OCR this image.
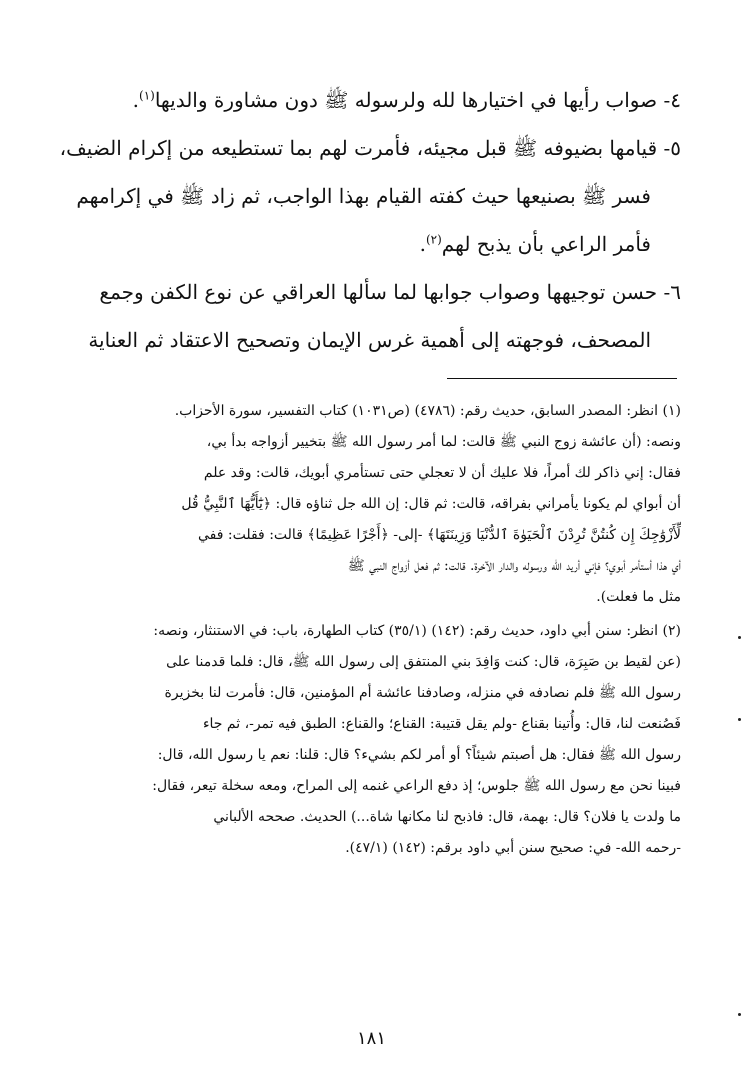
٤- صواب رأيها في اختيارها لله ولرسوله ﷺ دون مشاورة والديها$^{(١)}$.

٥- قيامها بضيوفه ﷺ قبل مجيئه، فأمرت لهم بما تستطيعه من إكرام الضيف،

فسر ﷺ بصنيعها حيث كفته القيام بهذا الواجب، ثم زاد ﷺ في إكرامهم

فأمر الراعي بأن يذبح لهم$^{(٢)}$.

٦- حسن توجيهها وصواب جوابها لما سألها العراقي عن نوع الكفن وجمع

المصحف، فوجهته إلى أهمية غرس الإيمان وتصحيح الاعتقاد ثم العناية

(١) انظر: المصدر السابق، حديث رقم: (٤٧٨٦) (ص١٠٣١) كتاب التفسير، سورة الأحزاب.

ونصه: (أن عائشة زوج النبي ﷺ قالت: لما أمر رسول الله ﷺ بتخيير أزواجه بدأ بي،

فقال: إني ذاكر لك أمراً، فلا عليك أن لا تعجلي حتى تستأمري أبويك، قالت: وقد علم

أن أبواي لم يكونا يأمراني بفراقه، قالت: ثم قال: إن الله جل ثناؤه قال: ﴿يَٰٓأَيُّهَا ٱلنَّبِيُّ قُل

لِّأَزْوَٰجِكَ إِن كُنتُنَّ تُرِدْنَ ٱلْحَيَوٰةَ ٱلدُّنْيَا وَزِينَتَهَا﴾ -إلى- ﴿أَجْرًا عَظِيمًا﴾ قالت: فقلت: ففي

أي هذا أستأمر أبوي؟ فإني أريد الله ورسوله والدار الآخرة. قالت: ثم فعل أزواج النبي ﷺ

مثل ما فعلت).

(٢) انظر: سنن أبي داود، حديث رقم: (١٤٢) (٣٥/١) كتاب الطهارة، باب: في الاستنثار، ونصه:

(عن لقيط بن صَبِرَة، قال: كنت وَافِدَ بني المنتفق إلى رسول الله ﷺ، قال: فلما قدمنا على

رسول الله ﷺ فلم نصادفه في منزله، وصادفنا عائشة أم المؤمنين، قال: فأمرت لنا بخزيرة

فَصُنعت لنا، قال: وأُتينا بقناع -ولم يقل قتيبة: القناع؛ والقناع: الطبق فيه تمر-، ثم جاء

رسول الله ﷺ فقال: هل أصبتم شيئاً؟ أو أمر لكم بشيء؟ قال: قلنا: نعم يا رسول الله، قال:

فبينا نحن مع رسول الله ﷺ جلوس؛ إذ دفع الراعي غنمه إلى المراح، ومعه سخلة تيعر، فقال:

ما ولدت يا فلان؟ قال: بهمة، قال: فاذبح لنا مكانها شاة...) الحديث. صححه الألباني

-رحمه الله- في: صحيح سنن أبي داود برقم: (١٤٢) (٤٧/١).

١٨١
